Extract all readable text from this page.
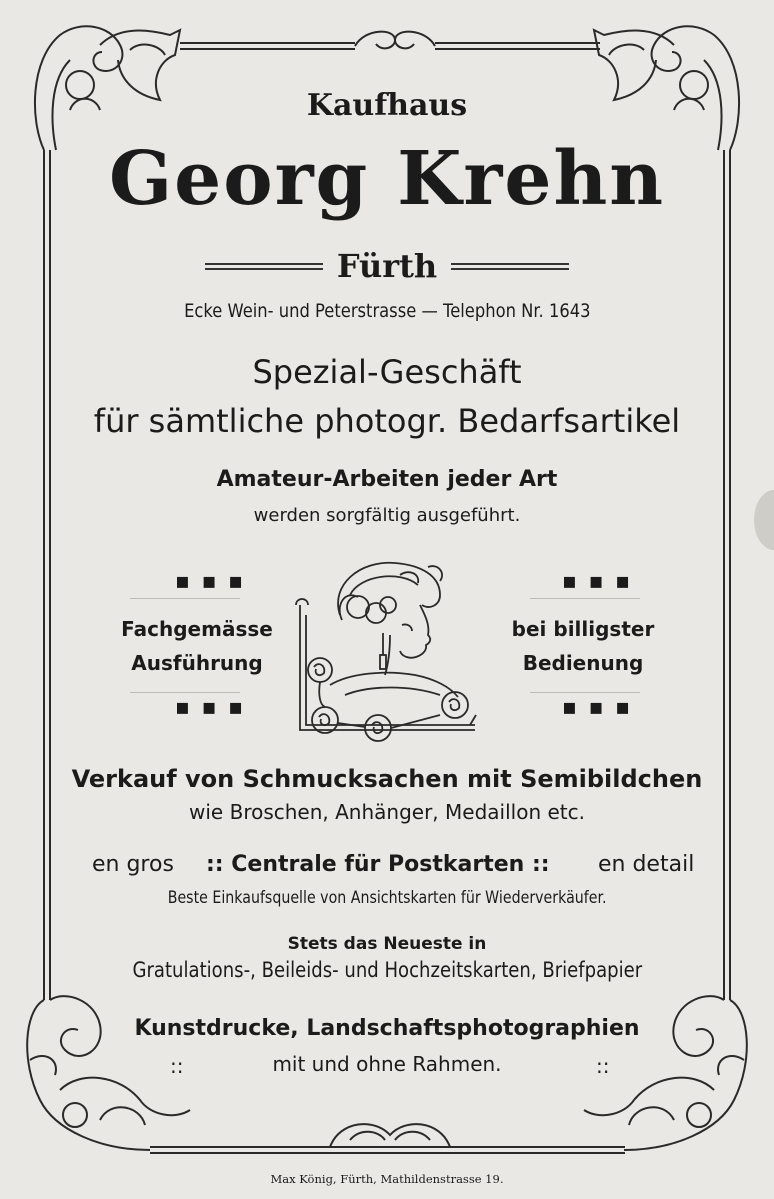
Kaufhaus
Georg Krehn
Fürth
Ecke Wein- und Peterstrasse — Telephon Nr. 1643
Spezial-Geschäft
für sämtliche photogr. Bedarfsartikel
Amateur-Arbeiten jeder Art
werden sorgfältig ausgeführt.
▪ ▪ ▪	▪ ▪ ▪
▪ ▪ ▪	▪ ▪ ▪
Fachgemässe
Ausführung
bei billigster
Bedienung
Verkauf von Schmucksachen mit Semibildchen
wie Broschen, Anhänger, Medaillon etc.
en gros :: Centrale für Postkarten :: en detail
Beste Einkaufsquelle von Ansichtskarten für Wiederverkäufer.
Stets das Neueste in
Gratulations-, Beileids- und Hochzeitskarten, Briefpapier
Kunstdrucke, Landschaftsphotographien
mit und ohne Rahmen.
::	::
Max König, Fürth, Mathildenstrasse 19.
